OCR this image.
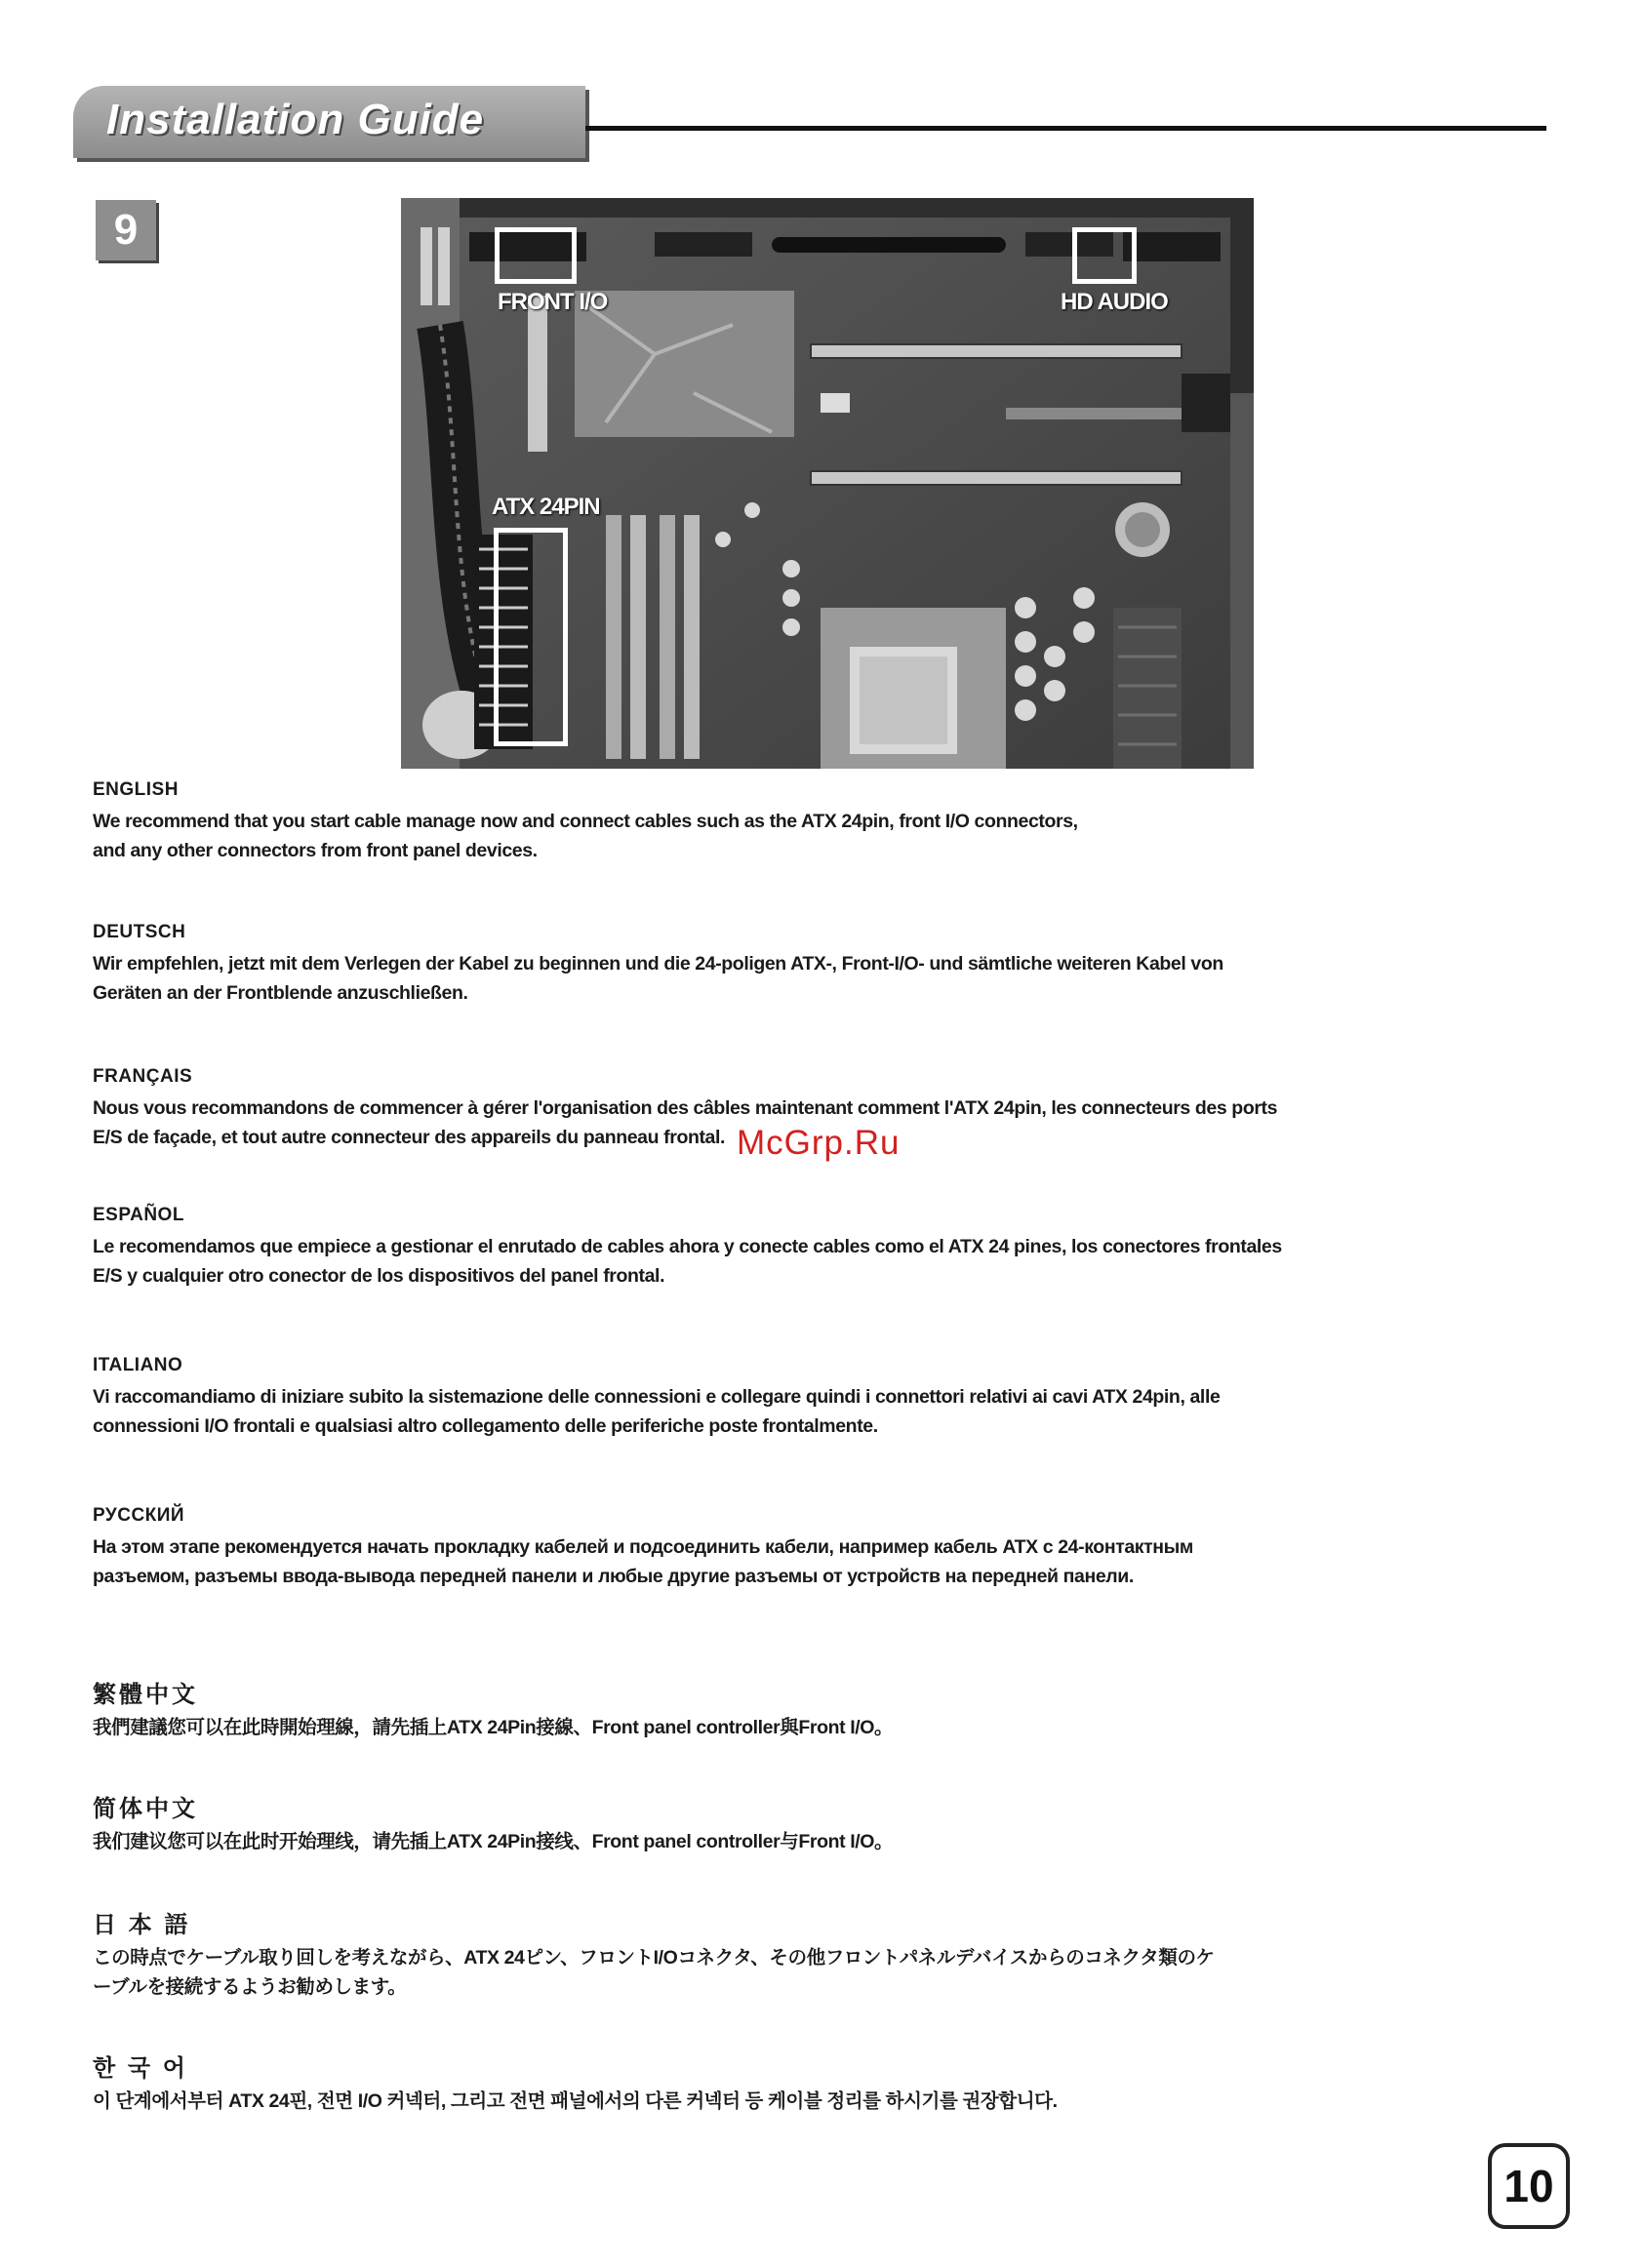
Installation Guide
9
FRONT I/O	HD AUDIO
ATX 24PIN

ENGLISH

We recommend that you start cable manage now and connect cables such as the ATX 24pin, front I/O connectors,

and any other connectors from front panel devices.

DEUTSCH

Wir empfehlen, jetzt mit dem Verlegen der Kabel zu beginnen und die 24-poligen ATX-, Front-I/O- und sämtliche weiteren Kabel von

Geräten an der Frontblende anzuschließen.

FRANÇAIS

Nous vous recommandons de commencer à gérer l'organisation des câbles maintenant comment l'ATX 24pin, les connecteurs des ports

E/S de façade, et tout autre connecteur des appareils du panneau frontal.

ESPAÑOL

Le recomendamos que empiece a gestionar el enrutado de cables ahora y conecte cables como el ATX 24 pines, los conectores frontales

E/S y cualquier otro conector de los dispositivos del panel frontal.

ITALIANO

Vi raccomandiamo di iniziare subito la sistemazione delle connessioni e collegare quindi i connettori relativi ai cavi ATX 24pin, alle

connessioni I/O frontali e qualsiasi altro collegamento delle periferiche poste frontalmente.

РУССКИЙ

На этом этапе рекомендуется начать прокладку кабелей и подсоединить кабели, например кабель ATX с 24-контактным

разъемом, разъемы ввода-вывода передней панели и любые другие разъемы от устройств на передней панели.

繁體中文

我們建議您可以在此時開始理線，請先插上ATX 24Pin接線、Front panel controller與Front I/O。

简体中文

我们建议您可以在此时开始理线，请先插上ATX 24Pin接线、Front panel controller与Front I/O。

日 本 語

この時点でケーブル取り回しを考えながら、ATX 24ピン、フロントI/Oコネクタ、その他フロントパネルデバイスからのコネクタ類のケ

ーブルを接続するようお勧めします。

한 국 어

이 단계에서부터 ATX 24핀, 전면 I/O 커넥터, 그리고 전면 패널에서의 다른 커넥터 등 케이블 정리를 하시기를 권장합니다.

McGrp.Ru
10
